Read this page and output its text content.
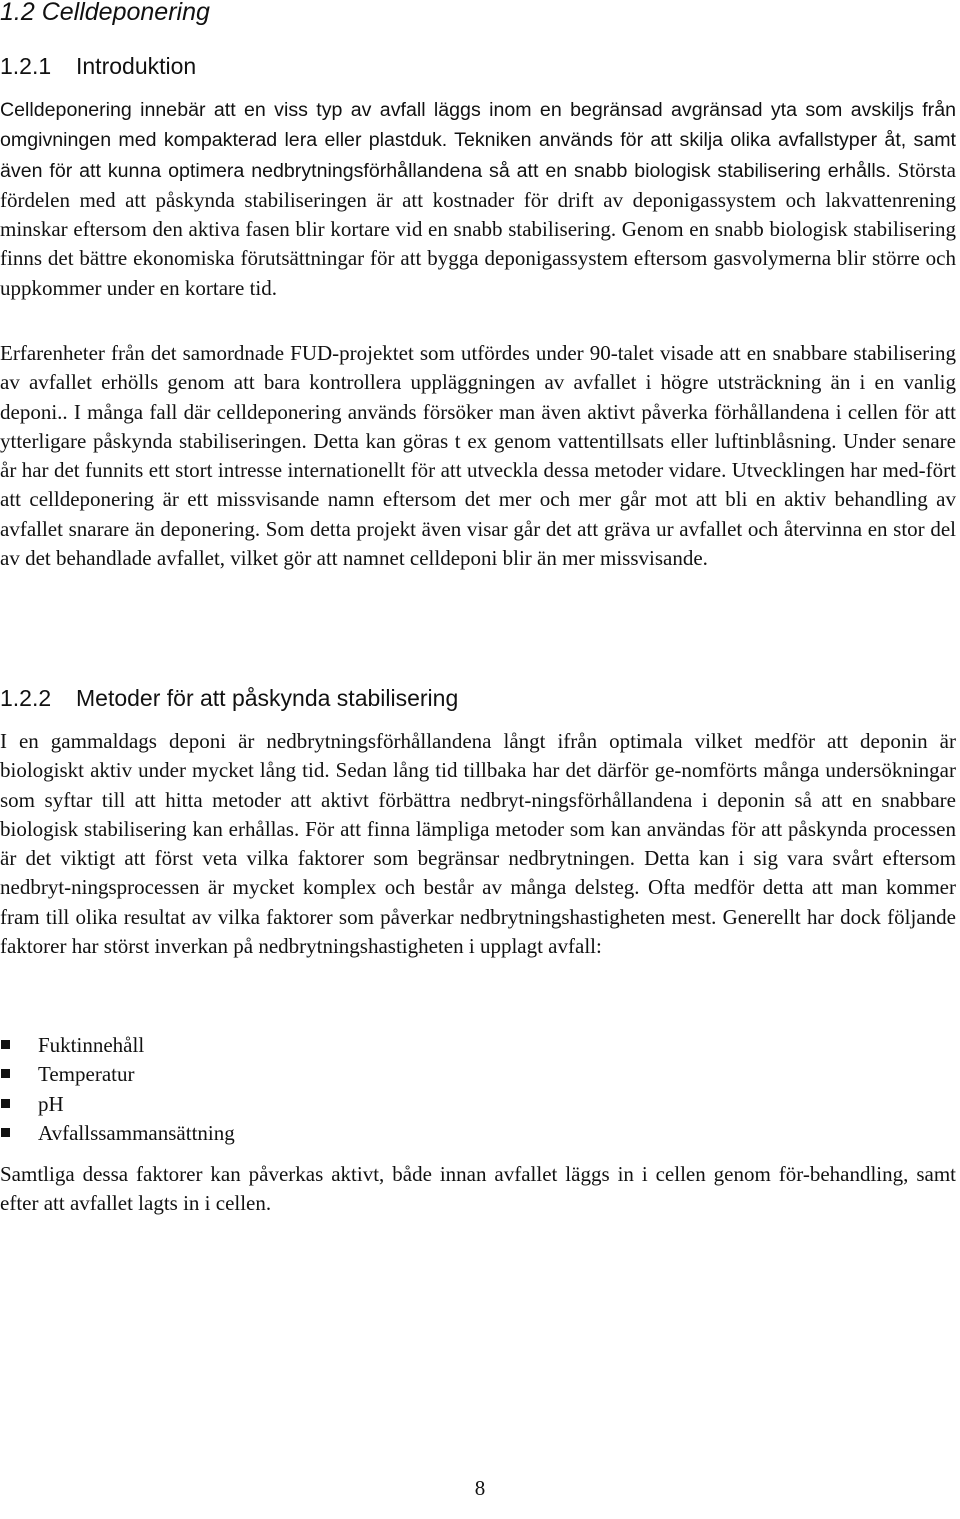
1.2 Celldeponering
1.2.1 Introduktion

Celldeponering innebär att en viss typ av avfall läggs inom en begränsad avgränsad yta som avskiljs från omgivningen med kompakterad lera eller plastduk. Tekniken används för att skilja olika avfallstyper åt, samt även för att kunna optimera nedbrytningsförhållandena så att en snabb biologisk stabilisering erhålls. Största fördelen med att påskynda stabiliseringen är att kostnader för drift av deponigassystem och lakvattenrening minskar eftersom den aktiva fasen blir kortare vid en snabb stabilisering. Genom en snabb biologisk stabilisering finns det bättre ekonomiska förutsättningar för att bygga deponigassystem eftersom gasvolymerna blir större och uppkommer under en kortare tid.

Erfarenheter från det samordnade FUD-projektet som utfördes under 90-talet visade att en snabbare stabilisering av avfallet erhölls genom att bara kontrollera uppläggningen av avfallet i högre utsträckning än i en vanlig deponi.. I många fall där celldeponering används försöker man även aktivt påverka förhållandena i cellen för att ytterligare påskynda stabiliseringen. Detta kan göras t ex genom vattentillsats eller luftinblåsning. Under senare år har det funnits ett stort intresse internationellt för att utveckla dessa metoder vidare. Utvecklingen har med-fört att celldeponering är ett missvisande namn eftersom det mer och mer går mot att bli en aktiv behandling av avfallet snarare än deponering. Som detta projekt även visar går det att gräva ur avfallet och återvinna en stor del av det behandlade avfallet, vilket gör att namnet celldeponi blir än mer missvisande.

1.2.2 Metoder för att påskynda stabilisering

I en gammaldags deponi är nedbrytningsförhållandena långt ifrån optimala vilket medför att deponin är biologiskt aktiv under mycket lång tid. Sedan lång tid tillbaka har det därför ge-nomförts många undersökningar som syftar till att hitta metoder att aktivt förbättra nedbryt-ningsförhållandena i deponin så att en snabbare biologisk stabilisering kan erhållas. För att finna lämpliga metoder som kan användas för att påskynda processen är det viktigt att först veta vilka faktorer som begränsar nedbrytningen. Detta kan i sig vara svårt eftersom nedbryt-ningsprocessen är mycket komplex och består av många delsteg. Ofta medför detta att man kommer fram till olika resultat av vilka faktorer som påverkar nedbrytningshastigheten mest. Generellt har dock följande faktorer har störst inverkan på nedbrytningshastigheten i upplagt avfall:

Fuktinnehåll
Temperatur
pH
Avfallssammansättning

Samtliga dessa faktorer kan påverkas aktivt, både innan avfallet läggs in i cellen genom för-behandling, samt efter att avfallet lagts in i cellen.

8
